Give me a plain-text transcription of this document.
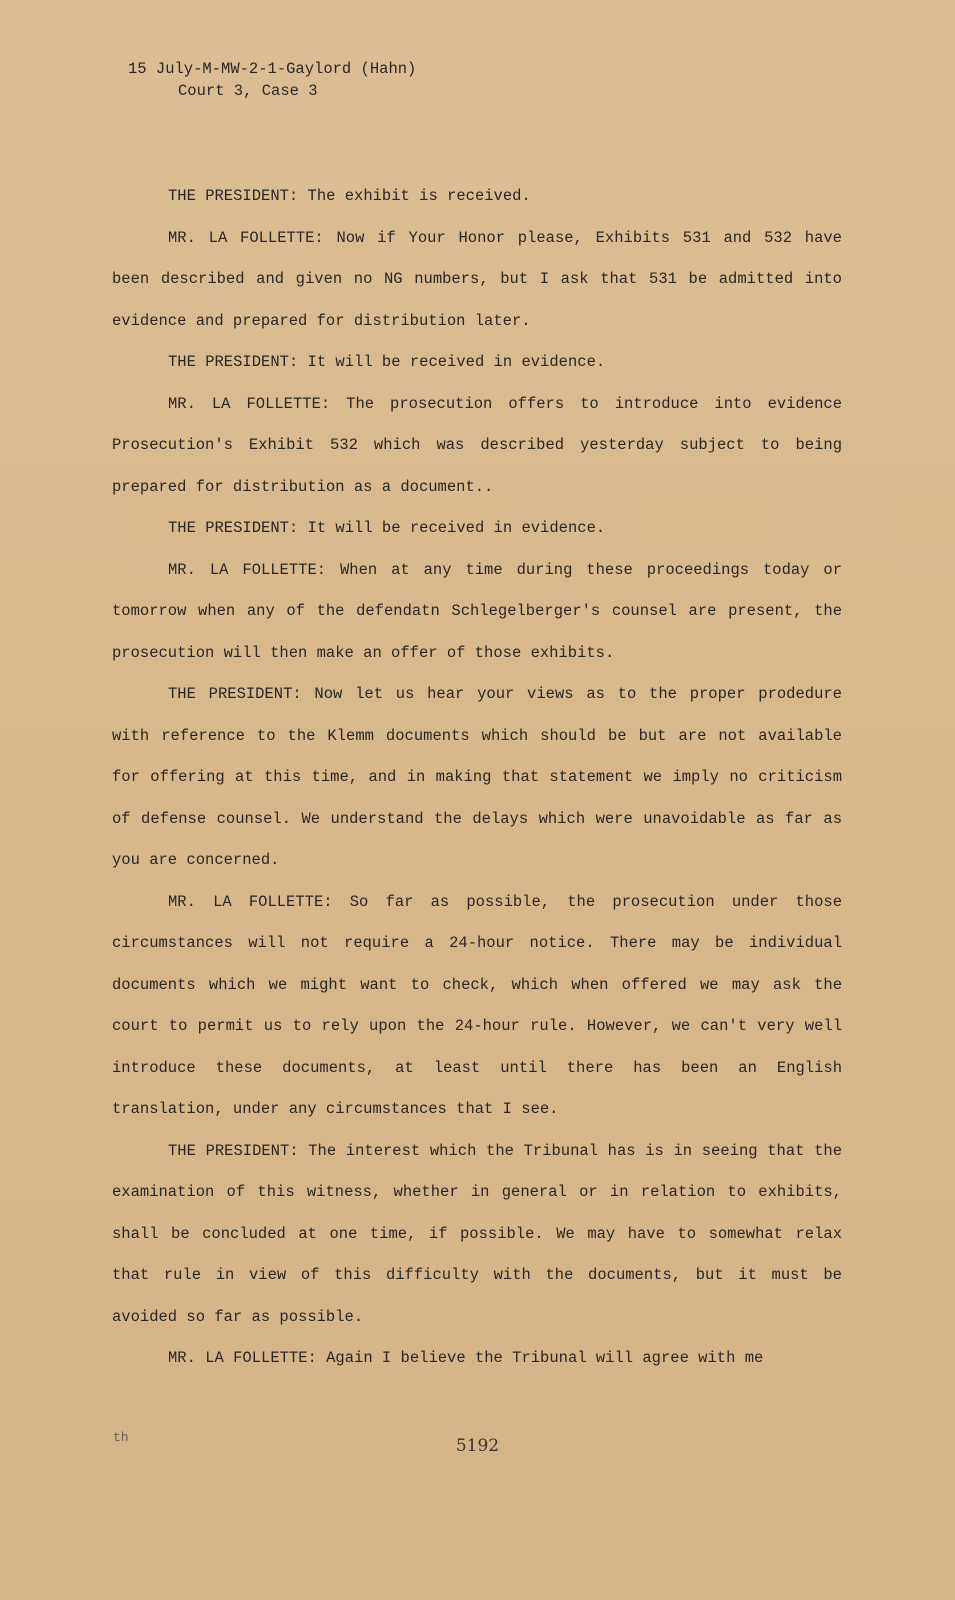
15 July-M-MW-2-1-Gaylord (Hahn)
Court 3, Case 3

THE PRESIDENT: The exhibit is received.

MR. LA FOLLETTE: Now if Your Honor please, Exhibits 531 and 532 have been described and given no NG numbers, but I ask that 531 be admitted into evidence and prepared for distribution later.

THE PRESIDENT: It will be received in evidence.

MR. LA FOLLETTE: The prosecution offers to introduce into evidence Prosecution's Exhibit 532 which was described yesterday subject to being prepared for distribution as a document..

THE PRESIDENT: It will be received in evidence.

MR. LA FOLLETTE: When at any time during these proceedings today or tomorrow when any of the defendatn Schlegelberger's counsel are present, the prosecution will then make an offer of those exhibits.

THE PRESIDENT: Now let us hear your views as to the proper prodedure with reference to the Klemm documents which should be but are not available for offering at this time, and in making that statement we imply no criticism of defense counsel. We understand the delays which were unavoidable as far as you are concerned.

MR. LA FOLLETTE: So far as possible, the prosecution under those circumstances will not require a 24-hour notice. There may be individual documents which we might want to check, which when offered we may ask the court to permit us to rely upon the 24-hour rule. However, we can't very well introduce these documents, at least until there has been an English translation, under any circumstances that I see.

THE PRESIDENT: The interest which the Tribunal has is in seeing that the examination of this witness, whether in general or in relation to exhibits, shall be concluded at one time, if possible. We may have to somewhat relax that rule in view of this difficulty with the documents, but it must be avoided so far as possible.

MR. LA FOLLETTE: Again I believe the Tribunal will agree with me

th	5192
